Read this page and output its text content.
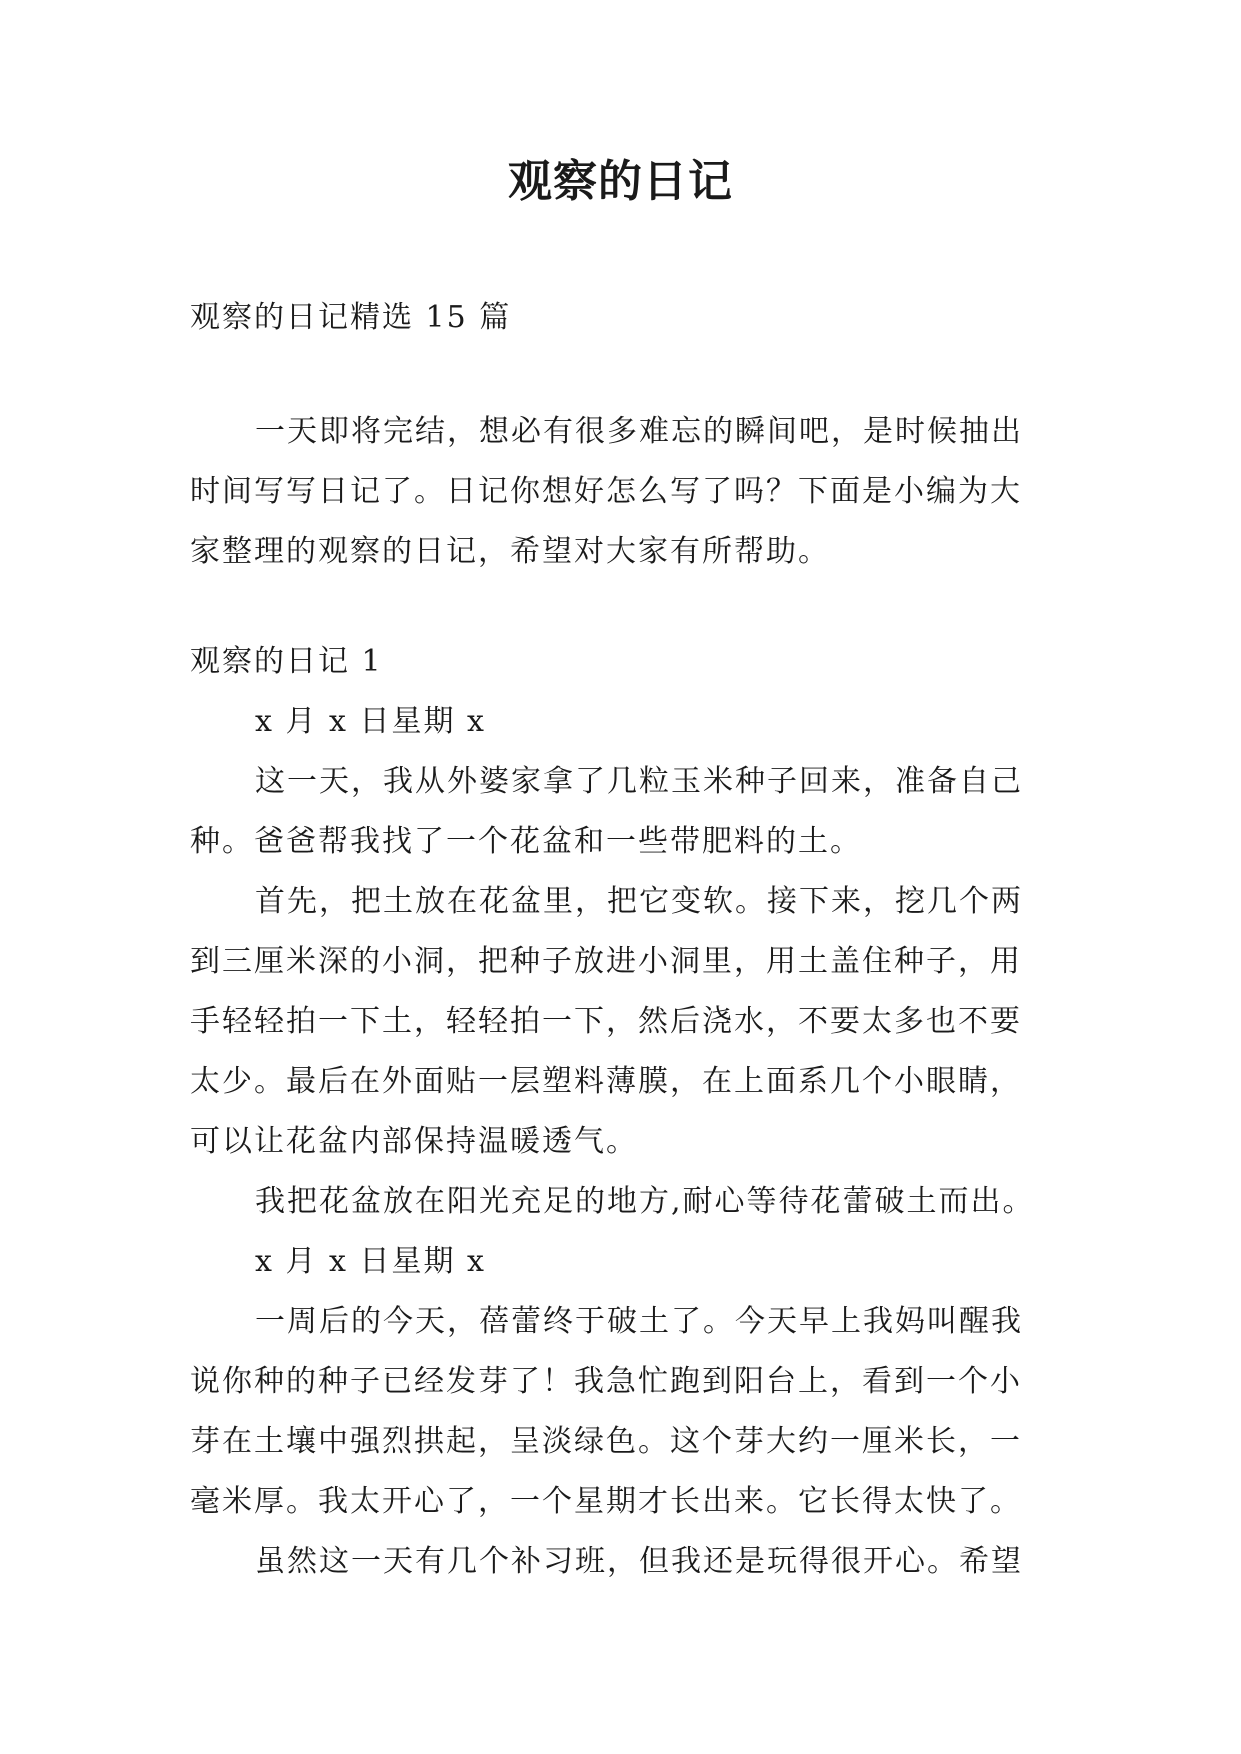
观察的日记

观察的日记精选 15 篇

一天即将完结，想必有很多难忘的瞬间吧，是时候抽出时间写写日记了。日记你想好怎么写了吗？下面是小编为大家整理的观察的日记，希望对大家有所帮助。

观察的日记 1

x 月 x 日星期 x

这一天，我从外婆家拿了几粒玉米种子回来，准备自己种。爸爸帮我找了一个花盆和一些带肥料的土。

首先，把土放在花盆里，把它变软。接下来，挖几个两到三厘米深的小洞，把种子放进小洞里，用土盖住种子，用手轻轻拍一下土，轻轻拍一下，然后浇水，不要太多也不要太少。最后在外面贴一层塑料薄膜，在上面系几个小眼睛，可以让花盆内部保持温暖透气。

我把花盆放在阳光充足的地方,耐心等待花蕾破土而出。

x 月 x 日星期 x

一周后的今天，蓓蕾终于破土了。今天早上我妈叫醒我说你种的种子已经发芽了！我急忙跑到阳台上，看到一个小芽在土壤中强烈拱起，呈淡绿色。这个芽大约一厘米长，一毫米厚。我太开心了，一个星期才长出来。它长得太快了。

虽然这一天有几个补习班，但我还是玩得很开心。希望
